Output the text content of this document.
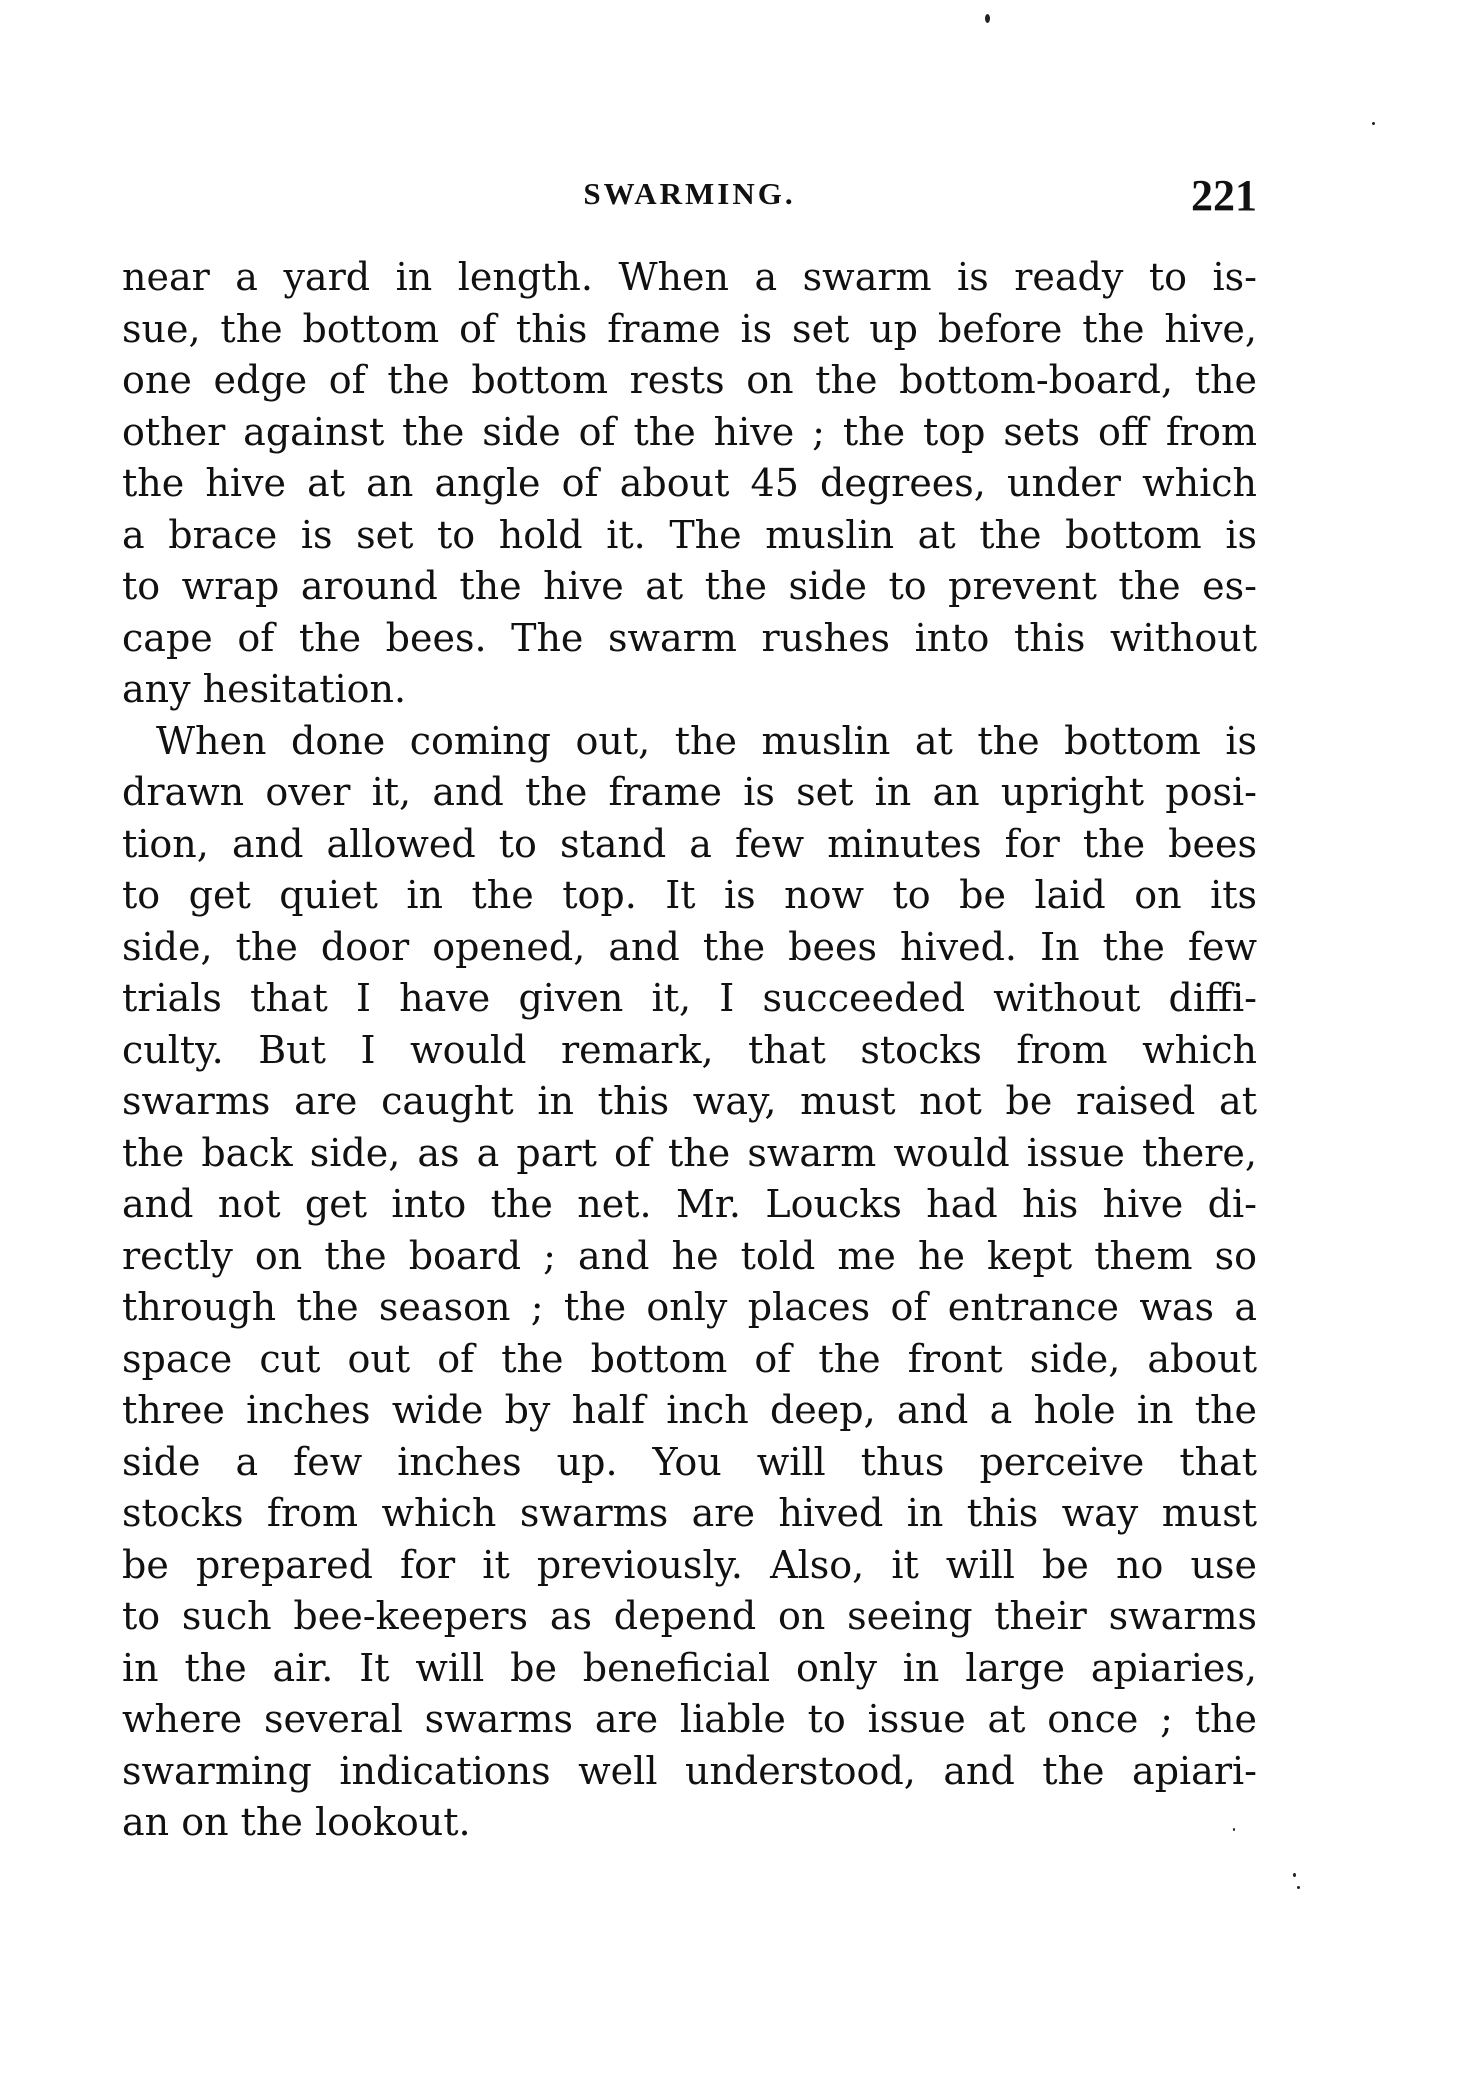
SWARMING.	221
near a yard in length. When a swarm is ready to is-
sue, the bottom of this frame is set up before the hive,
one edge of the bottom rests on the bottom-board, the
other against the side of the hive ; the top sets off from
the hive at an angle of about 45 degrees, under which
a brace is set to hold it. The muslin at the bottom is
to wrap around the hive at the side to prevent the es-
cape of the bees. The swarm rushes into this without
any hesitation.
When done coming out, the muslin at the bottom is
drawn over it, and the frame is set in an upright posi-
tion, and allowed to stand a few minutes for the bees
to get quiet in the top. It is now to be laid on its
side, the door opened, and the bees hived. In the few
trials that I have given it, I succeeded without diffi-
culty. But I would remark, that stocks from which
swarms are caught in this way, must not be raised at
the back side, as a part of the swarm would issue there,
and not get into the net. Mr. Loucks had his hive di-
rectly on the board ; and he told me he kept them so
through the season ; the only places of entrance was a
space cut out of the bottom of the front side, about
three inches wide by half inch deep, and a hole in the
side a few inches up. You will thus perceive that
stocks from which swarms are hived in this way must
be prepared for it previously. Also, it will be no use
to such bee-keepers as depend on seeing their swarms
in the air. It will be beneficial only in large apiaries,
where several swarms are liable to issue at once ; the
swarming indications well understood, and the apiari-
an on the lookout.
